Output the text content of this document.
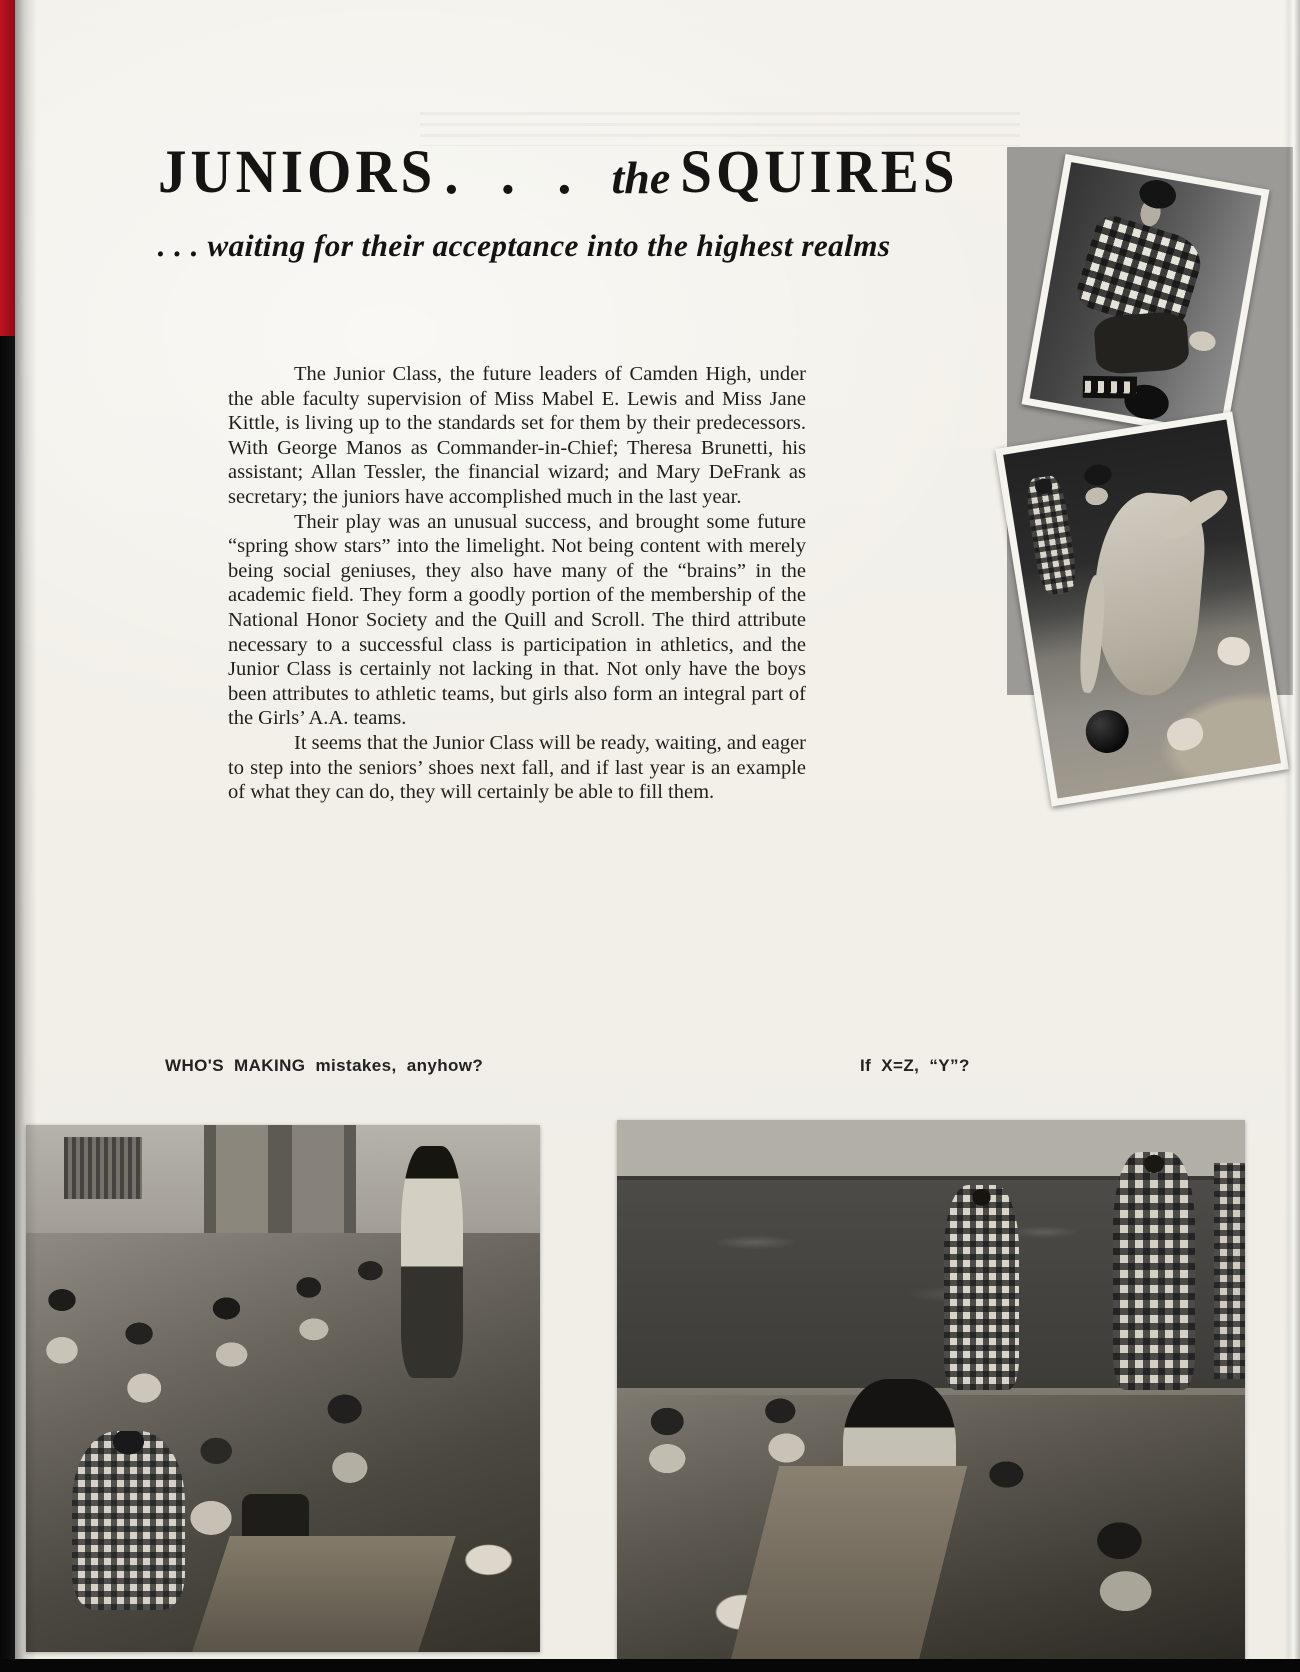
JUNIORS . . . the SQUIRES
. . . waiting for their acceptance into the highest realms

The Junior Class, the future leaders of Camden High, under the able faculty supervision of Miss Mabel E. Lewis and Miss Jane Kittle, is living up to the standards set for them by their predecessors. With George Manos as Commander-in-Chief; Theresa Brunetti, his assistant; Allan Tessler, the financial wizard; and Mary DeFrank as secretary; the juniors have accomplished much in the last year.

Their play was an unusual success, and brought some future “spring show stars” into the limelight. Not being content with merely being social geniuses, they also have many of the “brains” in the academic field. They form a goodly portion of the membership of the National Honor Society and the Quill and Scroll. The third attribute necessary to a successful class is participation in athletics, and the Junior Class is certainly not lacking in that. Not only have the boys been attributes to athletic teams, but girls also form an integral part of the Girls’ A.A. teams.

It seems that the Junior Class will be ready, waiting, and eager to step into the seniors’ shoes next fall, and if last year is an example of what they can do, they will certainly be able to fill them.

WHO'S MAKING mistakes, anyhow?	If X=Z, “Y”?
